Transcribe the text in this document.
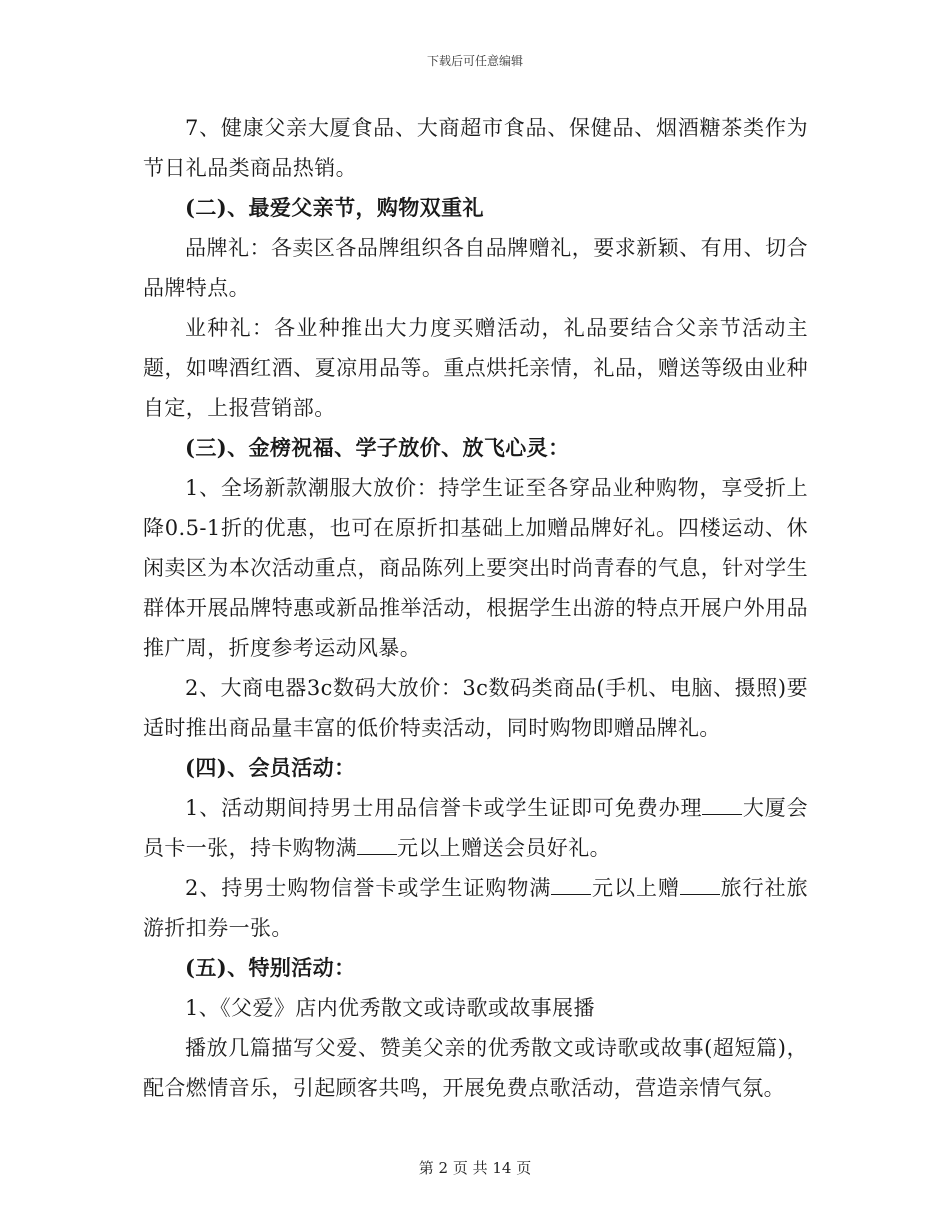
下载后可任意编辑

7、健康父亲大厦食品、大商超市食品、保健品、烟酒糖茶类作为节日礼品类商品热销。

(二)、最爱父亲节，购物双重礼

品牌礼：各卖区各品牌组织各自品牌赠礼，要求新颖、有用、切合品牌特点。

业种礼：各业种推出大力度买赠活动，礼品要结合父亲节活动主题，如啤酒红酒、夏凉用品等。重点烘托亲情，礼品，赠送等级由业种自定，上报营销部。

(三)、金榜祝福、学子放价、放飞心灵：

1、全场新款潮服大放价：持学生证至各穿品业种购物，享受折上降0.5-1折的优惠，也可在原折扣基础上加赠品牌好礼。四楼运动、休闲卖区为本次活动重点，商品陈列上要突出时尚青春的气息，针对学生群体开展品牌特惠或新品推举活动，根据学生出游的特点开展户外用品推广周，折度参考运动风暴。

2、大商电器3c数码大放价：3c数码类商品(手机、电脑、摄照)要适时推出商品量丰富的低价特卖活动，同时购物即赠品牌礼。

(四)、会员活动：

1、活动期间持男士用品信誉卡或学生证即可免费办理 大厦会员卡一张，持卡购物满 元以上赠送会员好礼。

2、持男士购物信誉卡或学生证购物满 元以上赠 旅行社旅游折扣券一张。

(五)、特别活动：

1、《父爱》店内优秀散文或诗歌或故事展播

播放几篇描写父爱、赞美父亲的优秀散文或诗歌或故事(超短篇)，配合燃情音乐，引起顾客共鸣，开展免费点歌活动，营造亲情气氛。

第 2 页 共 14 页
